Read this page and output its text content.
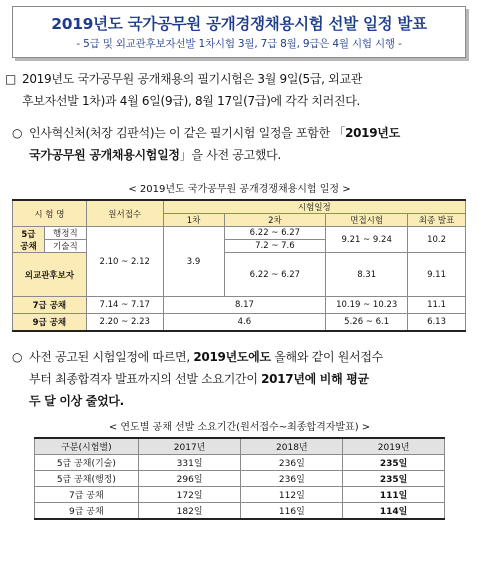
2019년도 국가공무원 공개경쟁채용시험 선발 일정 발표
- 5급 및 외교관후보자선발 1차시험 3월, 7급 8월, 9급은 4월 시험 시행 -
□ 2019년도 국가공무원 공개채용의 필기시험은 3월 9일(5급, 외교관
후보자선발 1차)과 4월 6일(9급), 8월 17일(7급)에 각각 치러진다.
○ 인사혁신처(처장 김판석)는 이 같은 필기시험 일정을 포함한 「2019년도
국가공무원 공개채용시험일정」을 사전 공고했다.
< 2019년도 국가공무원 공개경쟁채용시험 일정 >
시 험 명		원서접수	시험일정			
			1차	2차	면접시험	최종 발표
5급
공채	행정직	2.10 ~ 2.12	3.9	6.22 ~ 6.27	9.21 ~ 9.24	10.2
	기술직			7.2 ~ 7.6		
외교관후보자				6.22 ~ 6.27	8.31	9.11
7급 공채		7.14 ~ 7.17	8.17		10.19 ~ 10.23	11.1
9급 공채		2.20 ~ 2.23	4.6		5.26 ~ 6.1	6.13
○ 사전 공고된 시험일정에 따르면, 2019년도에도 올해와 같이 원서접수
부터 최종합격자 발표까지의 선발 소요기간이 2017년에 비해 평균
두 달 이상 줄었다.
< 연도별 공채 선발 소요기간(원서접수~최종합격자발표) >
구분(시험별)	2017년	2018년	2019년
5급 공채(기술)	331일	236일	235일
5급 공채(행정)	296일	236일	235일
7급 공채	172일	112일	111일
9급 공채	182일	116일	114일
